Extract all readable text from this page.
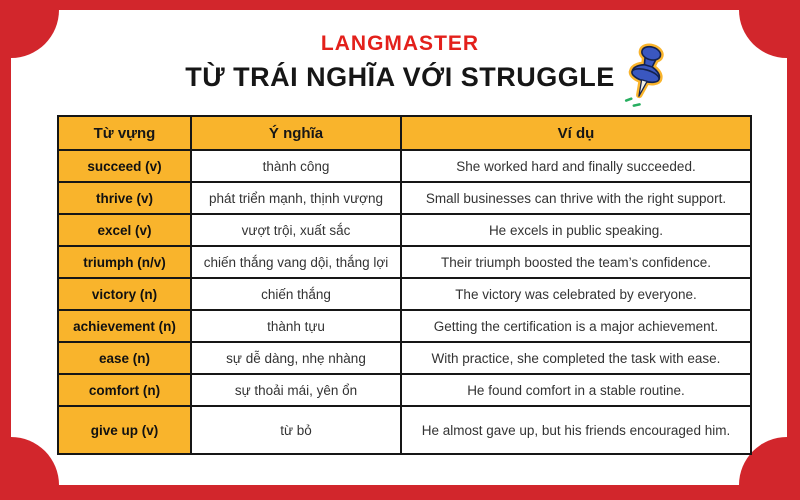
LANGMASTER
TỪ TRÁI NGHĨA VỚI STRUGGLE
Từ vựng	Ý nghĩa	Ví dụ
succeed (v)	thành công	She worked hard and finally succeeded.
thrive (v)	phát triển mạnh, thịnh vượng	Small businesses can thrive with the right support.
excel (v)	vượt trội, xuất sắc	He excels in public speaking.
triumph (n/v)	chiến thắng vang dội, thắng lợi	Their triumph boosted the team’s confidence.
victory (n)	chiến thắng	The victory was celebrated by everyone.
achievement (n)	thành tựu	Getting the certification is a major achievement.
ease (n)	sự dễ dàng, nhẹ nhàng	With practice, she completed the task with ease.
comfort (n)	sự thoải mái, yên ổn	He found comfort in a stable routine.
give up (v)	từ bỏ	He almost gave up, but his friends encouraged him.
